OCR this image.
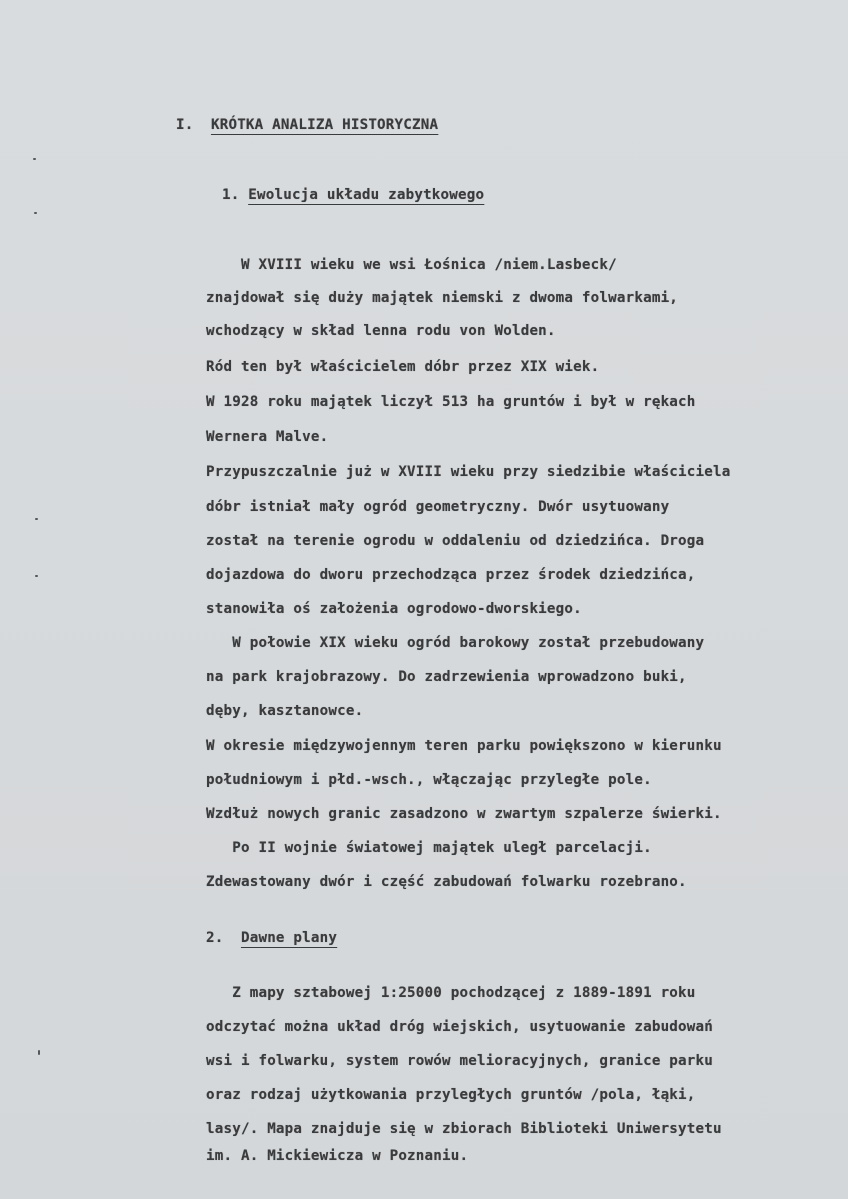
I. KRÓTKA ANALIZA HISTORYCZNA
1. Ewolucja układu zabytkowego
W XVIII wieku we wsi Łośnica /niem.Lasbeck/
znajdował się duży majątek niemski z dwoma folwarkami,
wchodzący w skład lenna rodu von Wolden.
Ród ten był właścicielem dóbr przez XIX wiek.
W 1928 roku majątek liczył 513 ha gruntów i był w rękach
Wernera Malve.
Przypuszczalnie już w XVIII wieku przy siedzibie właściciela
dóbr istniał mały ogród geometryczny. Dwór usytuowany
został na terenie ogrodu w oddaleniu od dziedzińca. Droga
dojazdowa do dworu przechodząca przez środek dziedzińca,
stanowiła oś założenia ogrodowo-dworskiego.
W połowie XIX wieku ogród barokowy został przebudowany
na park krajobrazowy. Do zadrzewienia wprowadzono buki,
dęby, kasztanowce.
W okresie międzywojennym teren parku powiększono w kierunku
południowym i płd.-wsch., włączając przyległe pole.
Wzdłuż nowych granic zasadzono w zwartym szpalerze świerki.
Po II wojnie światowej majątek uległ parcelacji.
Zdewastowany dwór i część zabudowań folwarku rozebrano.
2. Dawne plany
Z mapy sztabowej 1:25000 pochodzącej z 1889-1891 roku
odczytać można układ dróg wiejskich, usytuowanie zabudowań
wsi i folwarku, system rowów melioracyjnych, granice parku
oraz rodzaj użytkowania przyległych gruntów /pola, łąki,
lasy/. Mapa znajduje się w zbiorach Biblioteki Uniwersytetu
im. A. Mickiewicza w Poznaniu.
